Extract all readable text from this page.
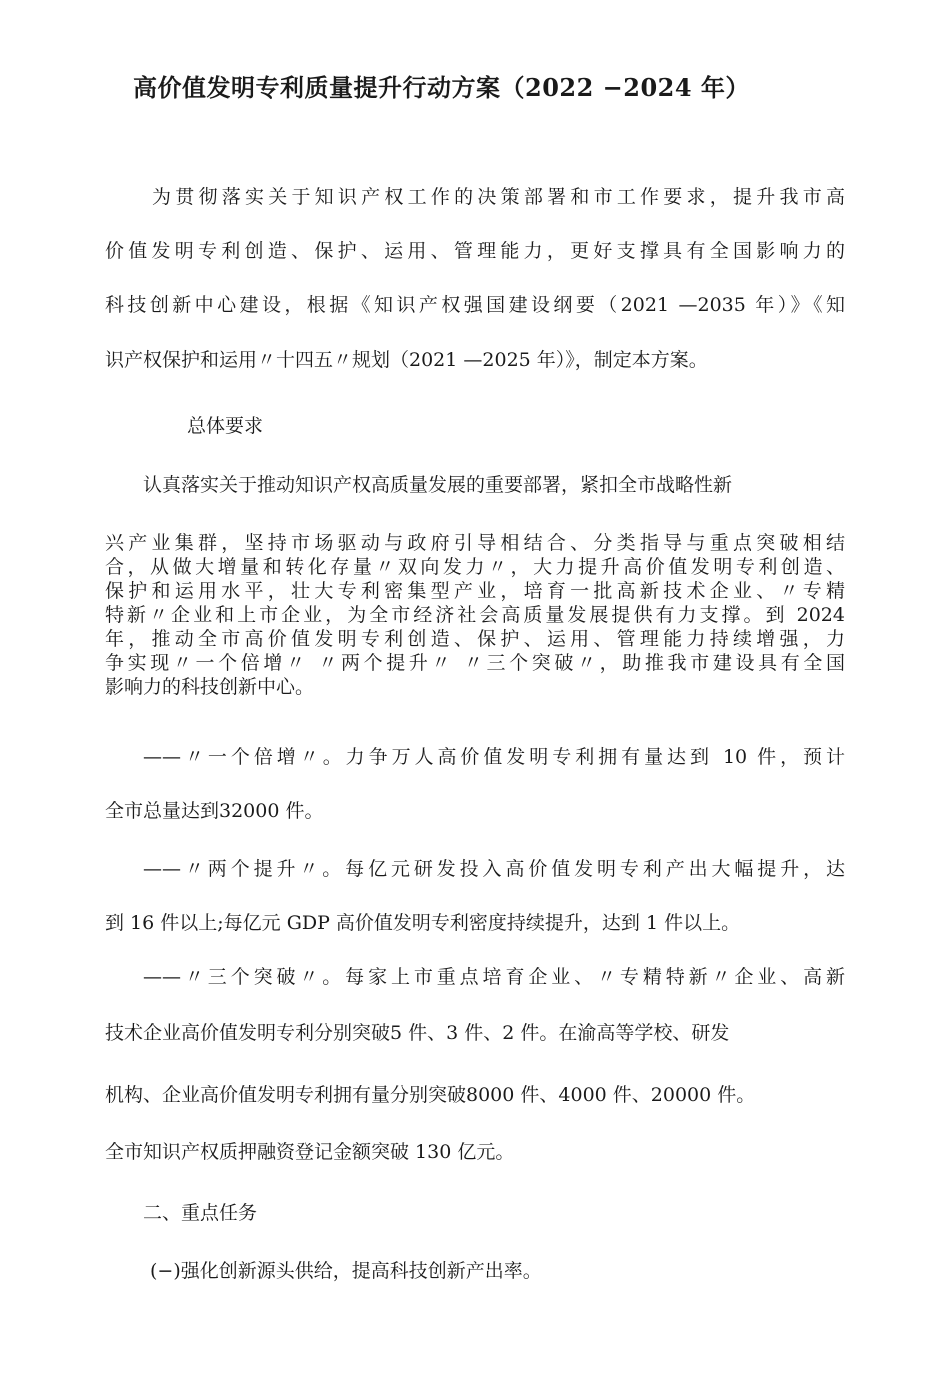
高价值发明专利质量提升行动方案（2022 −2024 年）

为贯彻落实关于知识产权工作的决策部署和市工作要求，提升我市高

价值发明专利创造、保护、运用、管理能力，更好支撑具有全国影响力的

科技创新中心建设，根据《知识产权强国建设纲要（2021 —2035 年）》《知

识产权保护和运用〃十四五〃规划（2021 —2025 年）》，制定本方案。

总体要求

认真落实关于推动知识产权高质量发展的重要部署，紧扣全市战略性新

兴产业集群，坚持市场驱动与政府引导相结合、分类指导与重点突破相结

合，从做大增量和转化存量〃双向发力〃，大力提升高价值发明专利创造、

保护和运用水平，壮大专利密集型产业，培育一批高新技术企业、〃专精

特新〃企业和上市企业，为全市经济社会高质量发展提供有力支撑。到 2024

年，推动全市高价值发明专利创造、保护、运用、管理能力持续增强，力

争实现〃一个倍增〃 〃两个提升〃 〃三个突破〃，助推我市建设具有全国

影响力的科技创新中心。

——〃一个倍增〃。力争万人高价值发明专利拥有量达到 10 件，预计

全市总量达到32000 件。

——〃两个提升〃。每亿元研发投入高价值发明专利产出大幅提升，达

到 16 件以上;每亿元 GDP 高价值发明专利密度持续提升，达到 1 件以上。

——〃三个突破〃。每家上市重点培育企业、〃专精特新〃企业、高新

技术企业高价值发明专利分别突破5 件、3 件、2 件。在渝高等学校、研发

机构、企业高价值发明专利拥有量分别突破8000 件、4000 件、20000 件。

全市知识产权质押融资登记金额突破 130 亿元。

二、重点任务

(−)强化创新源头供给，提高科技创新产出率。
